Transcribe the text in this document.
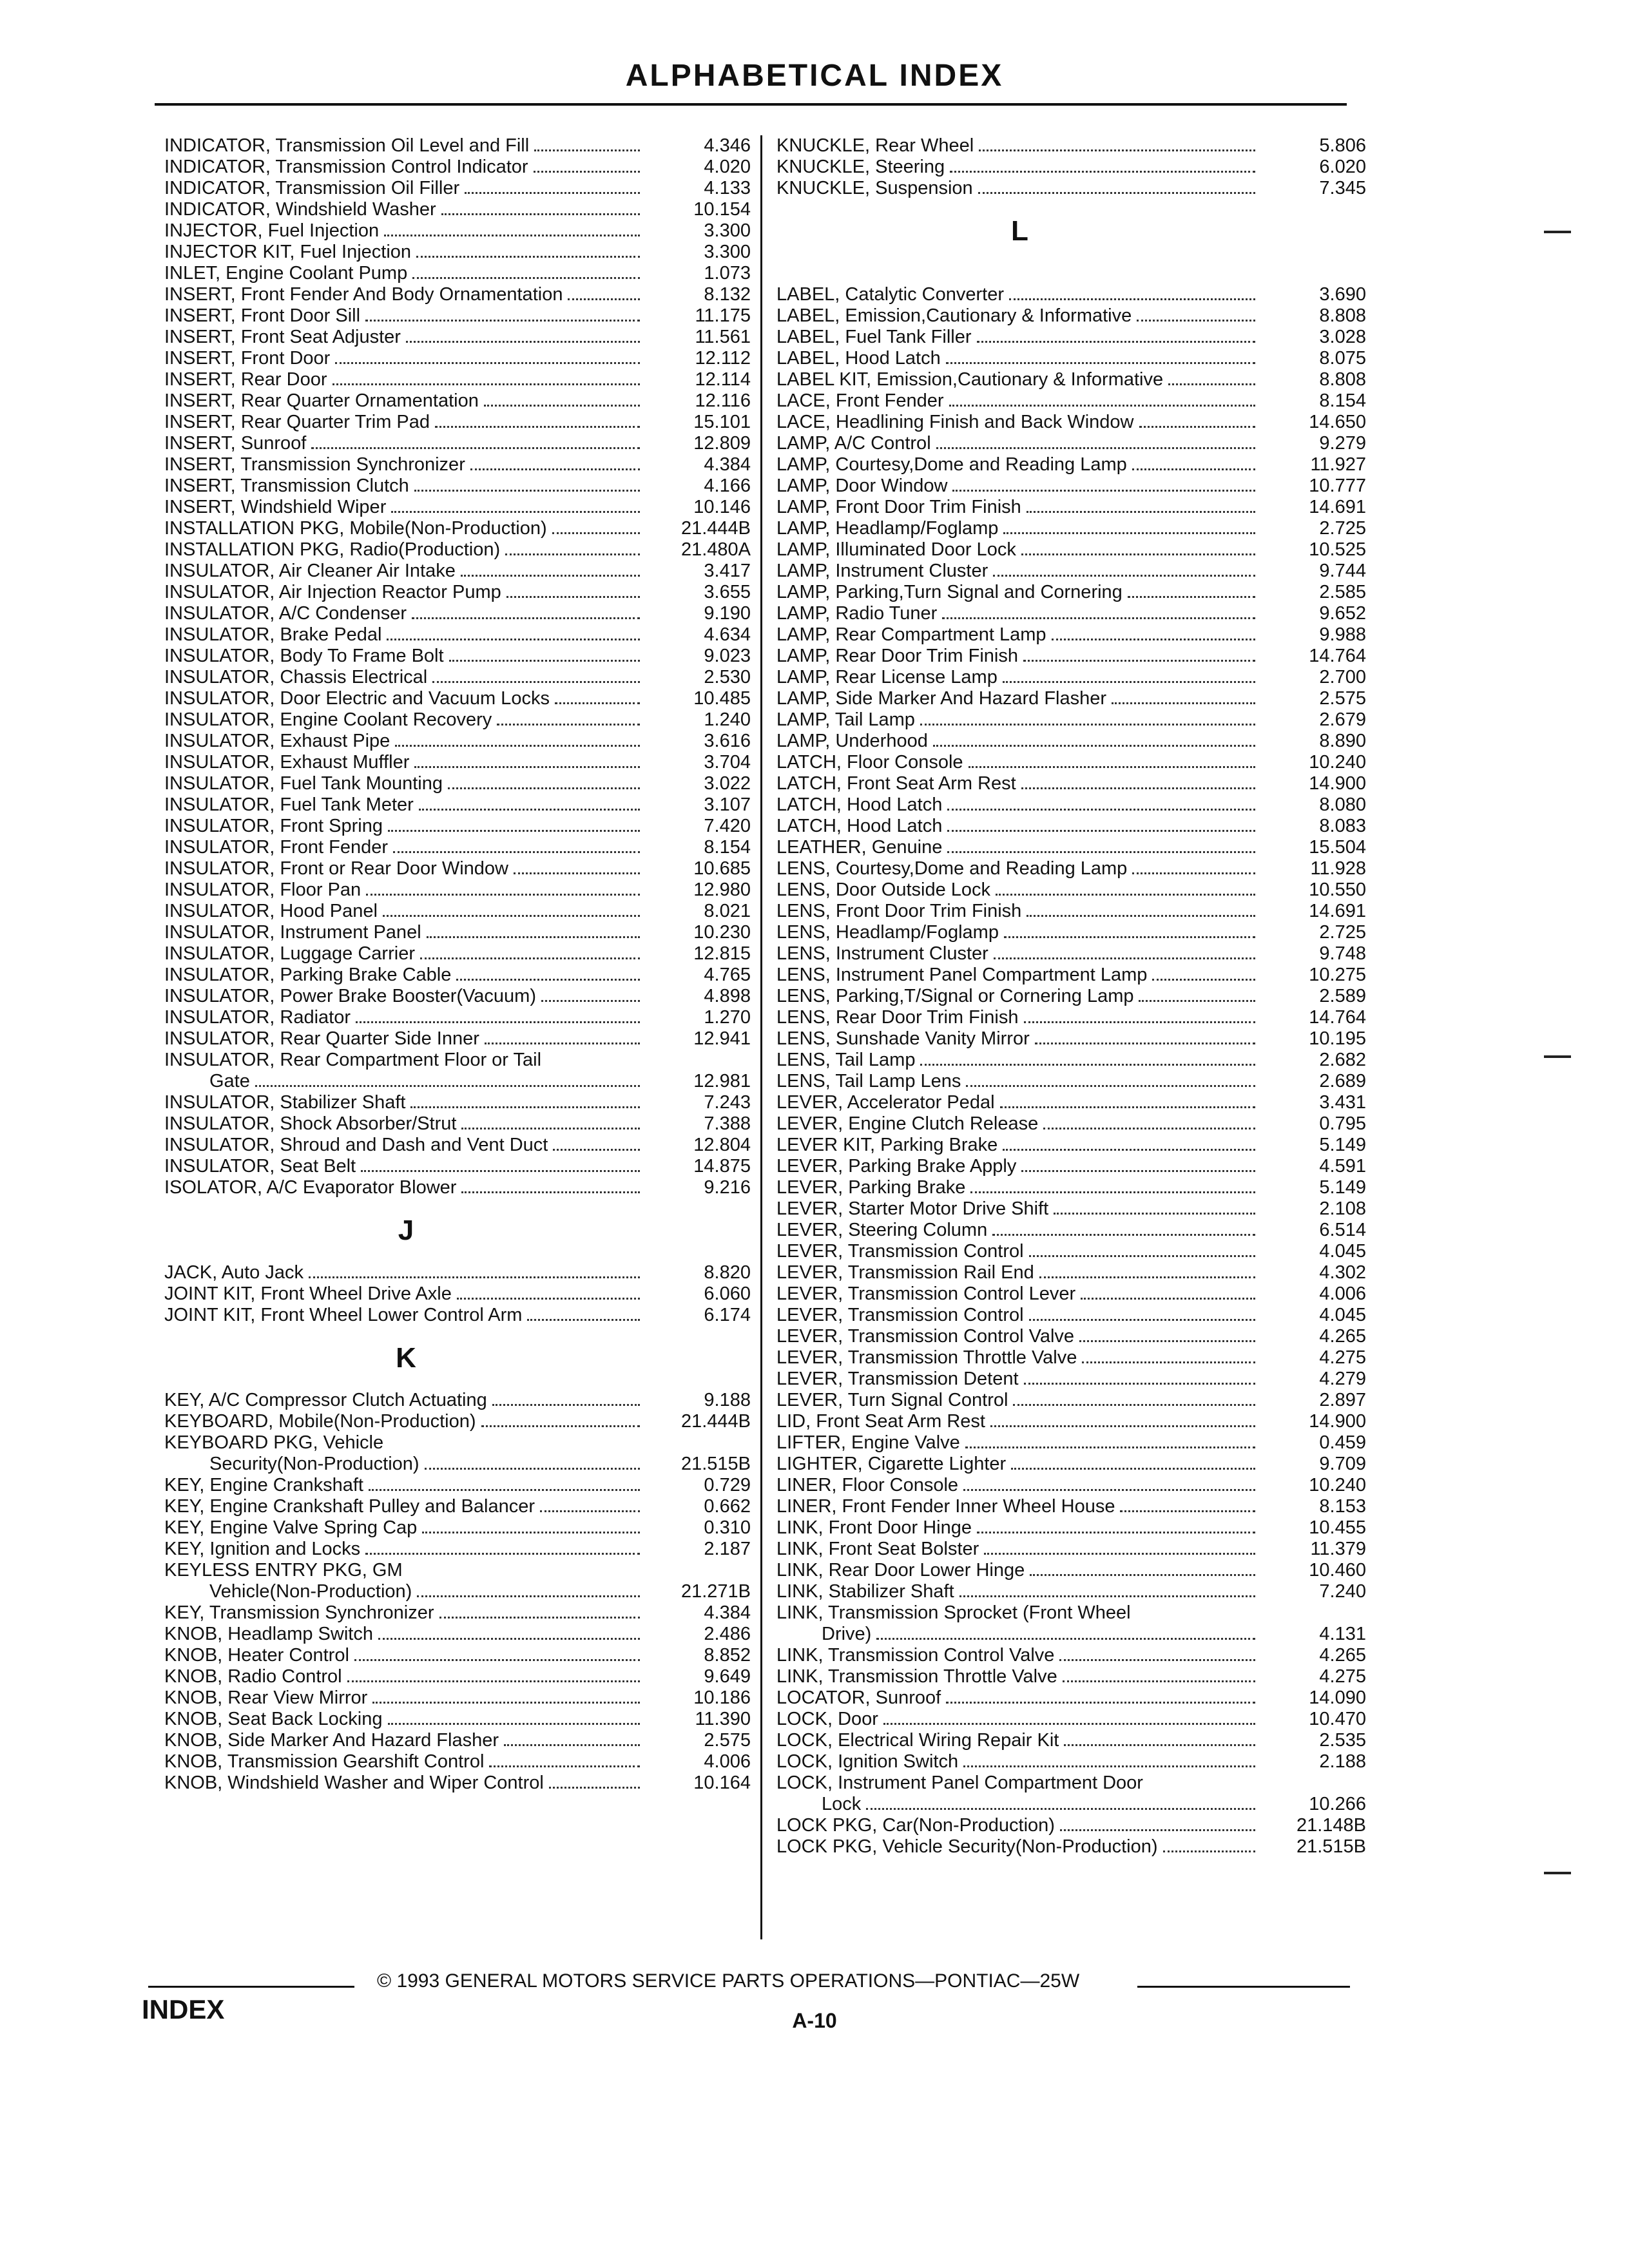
ALPHABETICAL INDEX
INDICATOR, Transmission Oil Level and Fill	4.346
INDICATOR, Transmission Control Indicator	4.020
INDICATOR, Transmission Oil Filler	4.133
INDICATOR, Windshield Washer	10.154
INJECTOR, Fuel Injection	3.300
INJECTOR KIT, Fuel Injection	3.300
INLET, Engine Coolant Pump	1.073
INSERT, Front Fender And Body Ornamentation	8.132
INSERT, Front Door Sill	11.175
INSERT, Front Seat Adjuster	11.561
INSERT, Front Door	12.112
INSERT, Rear Door	12.114
INSERT, Rear Quarter Ornamentation	12.116
INSERT, Rear Quarter Trim Pad	15.101
INSERT, Sunroof	12.809
INSERT, Transmission Synchronizer	4.384
INSERT, Transmission Clutch	4.166
INSERT, Windshield Wiper	10.146
INSTALLATION PKG, Mobile(Non-Production)	21.444B
INSTALLATION PKG, Radio(Production)	21.480A
INSULATOR, Air Cleaner Air Intake	3.417
INSULATOR, Air Injection Reactor Pump	3.655
INSULATOR, A/C Condenser	9.190
INSULATOR, Brake Pedal	4.634
INSULATOR, Body To Frame Bolt	9.023
INSULATOR, Chassis Electrical	2.530
INSULATOR, Door Electric and Vacuum Locks	10.485
INSULATOR, Engine Coolant Recovery	1.240
INSULATOR, Exhaust Pipe	3.616
INSULATOR, Exhaust Muffler	3.704
INSULATOR, Fuel Tank Mounting	3.022
INSULATOR, Fuel Tank Meter	3.107
INSULATOR, Front Spring	7.420
INSULATOR, Front Fender	8.154
INSULATOR, Front or Rear Door Window	10.685
INSULATOR, Floor Pan	12.980
INSULATOR, Hood Panel	8.021
INSULATOR, Instrument Panel	10.230
INSULATOR, Luggage Carrier	12.815
INSULATOR, Parking Brake Cable	4.765
INSULATOR, Power Brake Booster(Vacuum)	4.898
INSULATOR, Radiator	1.270
INSULATOR, Rear Quarter Side Inner	12.941
INSULATOR, Rear Compartment Floor or Tail
Gate	12.981
INSULATOR, Stabilizer Shaft	7.243
INSULATOR, Shock Absorber/Strut	7.388
INSULATOR, Shroud and Dash and Vent Duct	12.804
INSULATOR, Seat Belt	14.875
ISOLATOR, A/C Evaporator Blower	9.216
J
JACK, Auto Jack	8.820
JOINT KIT, Front Wheel Drive Axle	6.060
JOINT KIT, Front Wheel Lower Control Arm	6.174
K
KEY, A/C Compressor Clutch Actuating	9.188
KEYBOARD, Mobile(Non-Production)	21.444B
KEYBOARD PKG, Vehicle
Security(Non-Production)	21.515B
KEY, Engine Crankshaft	0.729
KEY, Engine Crankshaft Pulley and Balancer	0.662
KEY, Engine Valve Spring Cap	0.310
KEY, Ignition and Locks	2.187
KEYLESS ENTRY PKG, GM
Vehicle(Non-Production)	21.271B
KEY, Transmission Synchronizer	4.384
KNOB, Headlamp Switch	2.486
KNOB, Heater Control	8.852
KNOB, Radio Control	9.649
KNOB, Rear View Mirror	10.186
KNOB, Seat Back Locking	11.390
KNOB, Side Marker And Hazard Flasher	2.575
KNOB, Transmission Gearshift Control	4.006
KNOB, Windshield Washer and Wiper Control	10.164
KNUCKLE, Rear Wheel	5.806
KNUCKLE, Steering	6.020
KNUCKLE, Suspension	7.345
L
LABEL, Catalytic Converter	3.690
LABEL, Emission,Cautionary & Informative	8.808
LABEL, Fuel Tank Filler	3.028
LABEL, Hood Latch	8.075
LABEL KIT, Emission,Cautionary & Informative	8.808
LACE, Front Fender	8.154
LACE, Headlining Finish and Back Window	14.650
LAMP, A/C Control	9.279
LAMP, Courtesy,Dome and Reading Lamp	11.927
LAMP, Door Window	10.777
LAMP, Front Door Trim Finish	14.691
LAMP, Headlamp/Foglamp	2.725
LAMP, Illuminated Door Lock	10.525
LAMP, Instrument Cluster	9.744
LAMP, Parking,Turn Signal and Cornering	2.585
LAMP, Radio Tuner	9.652
LAMP, Rear Compartment Lamp	9.988
LAMP, Rear Door Trim Finish	14.764
LAMP, Rear License Lamp	2.700
LAMP, Side Marker And Hazard Flasher	2.575
LAMP, Tail Lamp	2.679
LAMP, Underhood	8.890
LATCH, Floor Console	10.240
LATCH, Front Seat Arm Rest	14.900
LATCH, Hood Latch	8.080
LATCH, Hood Latch	8.083
LEATHER, Genuine	15.504
LENS, Courtesy,Dome and Reading Lamp	11.928
LENS, Door Outside Lock	10.550
LENS, Front Door Trim Finish	14.691
LENS, Headlamp/Foglamp	2.725
LENS, Instrument Cluster	9.748
LENS, Instrument Panel Compartment Lamp	10.275
LENS, Parking,T/Signal or Cornering Lamp	2.589
LENS, Rear Door Trim Finish	14.764
LENS, Sunshade Vanity Mirror	10.195
LENS, Tail Lamp	2.682
LENS, Tail Lamp Lens	2.689
LEVER, Accelerator Pedal	3.431
LEVER, Engine Clutch Release	0.795
LEVER KIT, Parking Brake	5.149
LEVER, Parking Brake Apply	4.591
LEVER, Parking Brake	5.149
LEVER, Starter Motor Drive Shift	2.108
LEVER, Steering Column	6.514
LEVER, Transmission Control	4.045
LEVER, Transmission Rail End	4.302
LEVER, Transmission Control Lever	4.006
LEVER, Transmission Control	4.045
LEVER, Transmission Control Valve	4.265
LEVER, Transmission Throttle Valve	4.275
LEVER, Transmission Detent	4.279
LEVER, Turn Signal Control	2.897
LID, Front Seat Arm Rest	14.900
LIFTER, Engine Valve	0.459
LIGHTER, Cigarette Lighter	9.709
LINER, Floor Console	10.240
LINER, Front Fender Inner Wheel House	8.153
LINK, Front Door Hinge	10.455
LINK, Front Seat Bolster	11.379
LINK, Rear Door Lower Hinge	10.460
LINK, Stabilizer Shaft	7.240
LINK, Transmission Sprocket (Front Wheel
Drive)	4.131
LINK, Transmission Control Valve	4.265
LINK, Transmission Throttle Valve	4.275
LOCATOR, Sunroof	14.090
LOCK, Door	10.470
LOCK, Electrical Wiring Repair Kit	2.535
LOCK, Ignition Switch	2.188
LOCK, Instrument Panel Compartment Door
Lock	10.266
LOCK PKG, Car(Non-Production)	21.148B
LOCK PKG, Vehicle Security(Non-Production)	21.515B
© 1993 GENERAL MOTORS SERVICE PARTS OPERATIONS—PONTIAC—25W
INDEX	A-10
